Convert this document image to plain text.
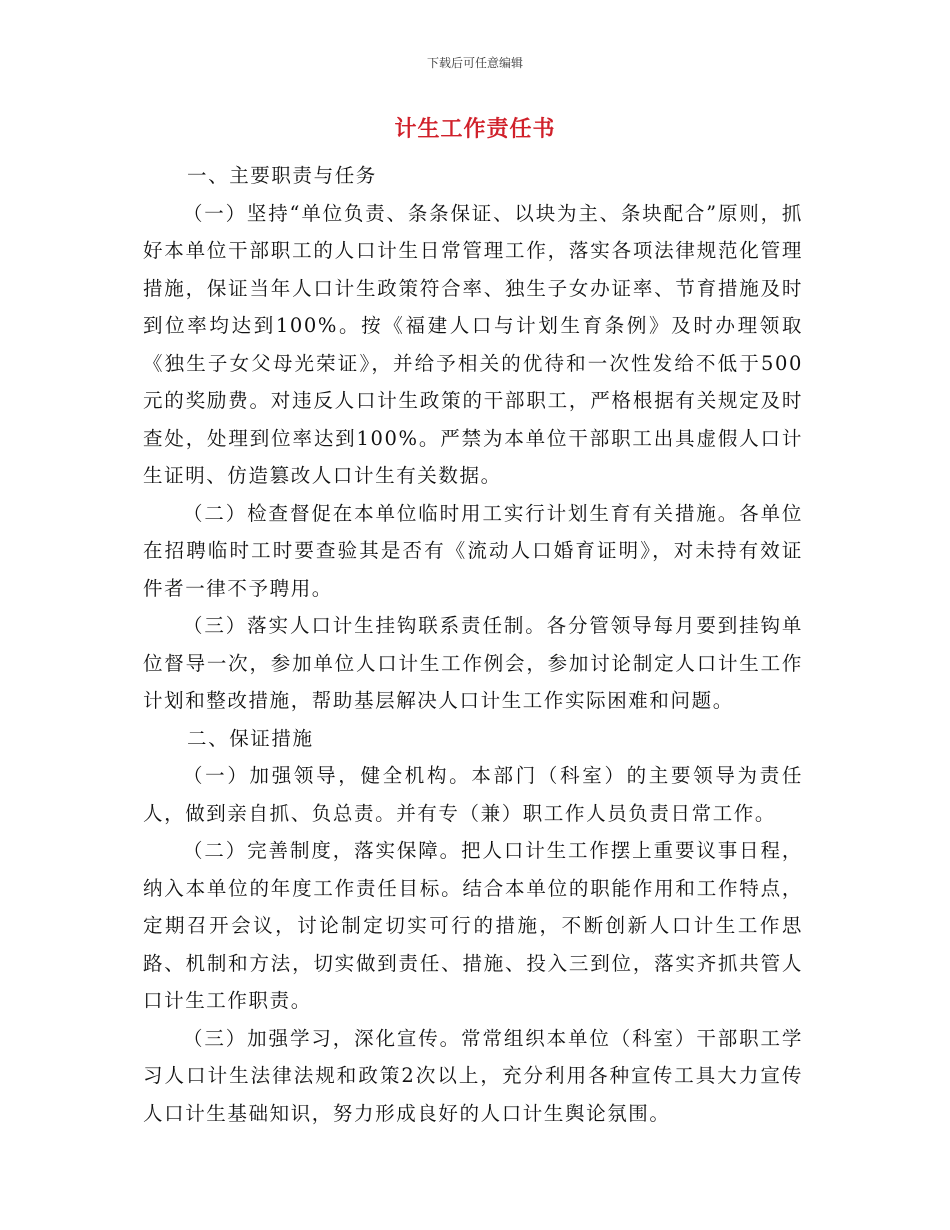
下载后可任意编辑
计生工作责任书

一、主要职责与任务

（一）坚持“单位负责、条条保证、以块为主、条块配合”原则，抓好本单位干部职工的人口计生日常管理工作，落实各项法律规范化管理措施，保证当年人口计生政策符合率、独生子女办证率、节育措施及时到位率均达到100%。按《福建人口与计划生育条例》及时办理领取《独生子女父母光荣证》，并给予相关的优待和一次性发给不低于500元的奖励费。对违反人口计生政策的干部职工，严格根据有关规定及时查处，处理到位率达到100%。严禁为本单位干部职工出具虚假人口计生证明、仿造篡改人口计生有关数据。

（二）检查督促在本单位临时用工实行计划生育有关措施。各单位在招聘临时工时要查验其是否有《流动人口婚育证明》，对未持有效证件者一律不予聘用。

（三）落实人口计生挂钩联系责任制。各分管领导每月要到挂钩单位督导一次，参加单位人口计生工作例会，参加讨论制定人口计生工作计划和整改措施，帮助基层解决人口计生工作实际困难和问题。

二、保证措施

（一）加强领导，健全机构。本部门（科室）的主要领导为责任人，做到亲自抓、负总责。并有专（兼）职工作人员负责日常工作。

（二）完善制度，落实保障。把人口计生工作摆上重要议事日程，纳入本单位的年度工作责任目标。结合本单位的职能作用和工作特点，定期召开会议，讨论制定切实可行的措施，不断创新人口计生工作思路、机制和方法，切实做到责任、措施、投入三到位，落实齐抓共管人口计生工作职责。

（三）加强学习，深化宣传。常常组织本单位（科室）干部职工学习人口计生法律法规和政策2次以上，充分利用各种宣传工具大力宣传人口计生基础知识，努力形成良好的人口计生舆论氛围。
